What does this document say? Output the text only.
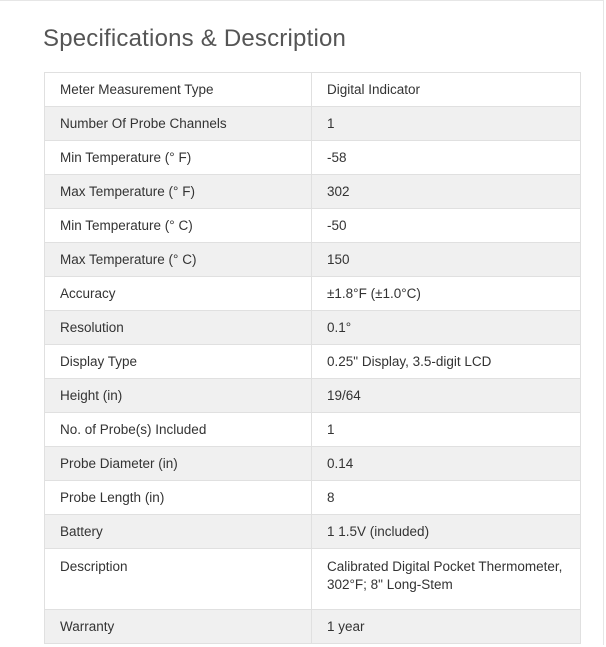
Specifications & Description
Meter Measurement Type	Digital Indicator
Number Of Probe Channels	1
Min Temperature (° F)	-58
Max Temperature (° F)	302
Min Temperature (° C)	-50
Max Temperature (° C)	150
Accuracy	±1.8°F (±1.0°C)
Resolution	0.1°
Display Type	0.25" Display, 3.5-digit LCD
Height (in)	19/64
No. of Probe(s) Included	1
Probe Diameter (in)	0.14
Probe Length (in)	8
Battery	1 1.5V (included)
Description	Calibrated Digital Pocket Thermometer, 302°F; 8" Long-Stem
Warranty	1 year
